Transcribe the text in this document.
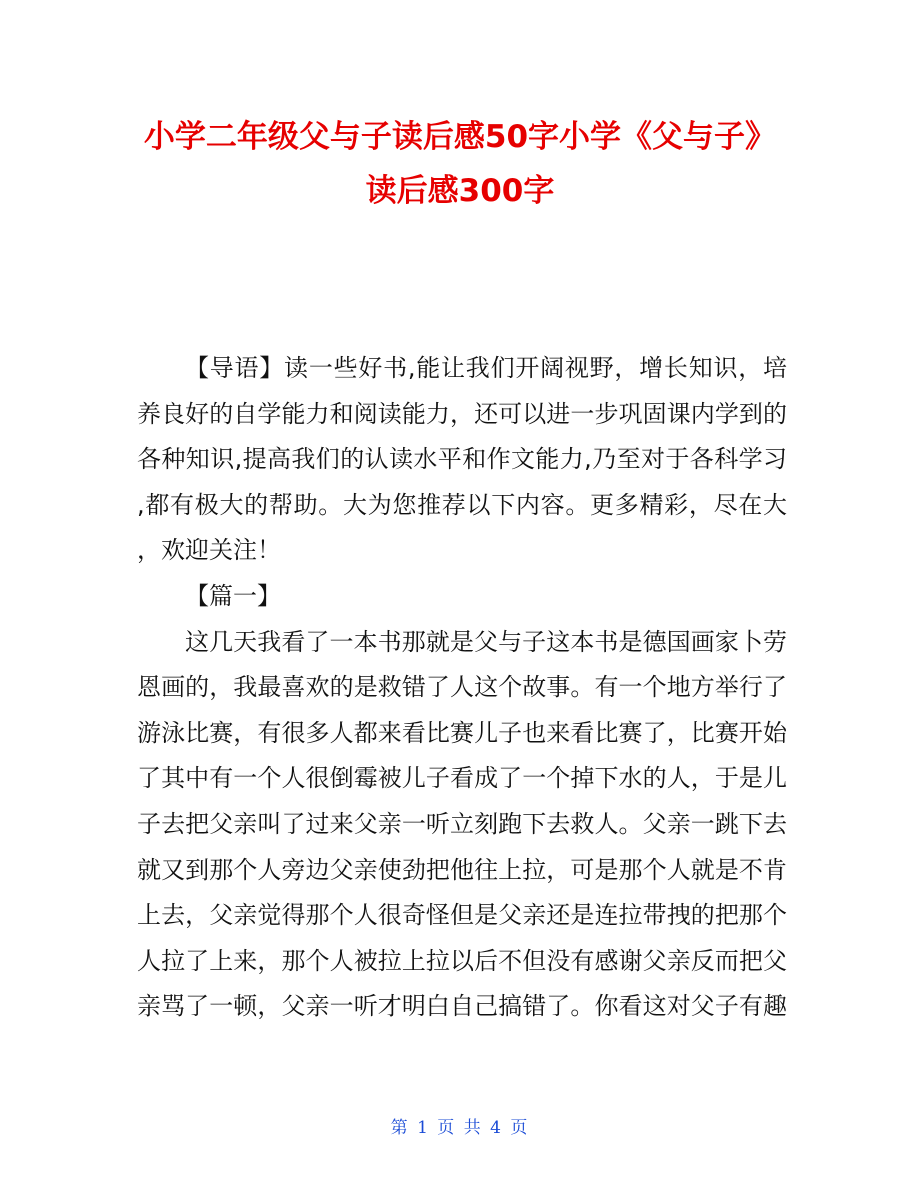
小学二年级父与子读后感50字小学《父与子》
读后感300字
【导语】读一些好书,能让我们开阔视野，增长知识，培
养良好的自学能力和阅读能力，还可以进一步巩固课内学到的
各种知识,提高我们的认读水平和作文能力,乃至对于各科学习
,都有极大的帮助。大为您推荐以下内容。更多精彩，尽在大
，欢迎关注！
【篇一】
这几天我看了一本书那就是父与子这本书是德国画家卜劳
恩画的，我最喜欢的是救错了人这个故事。有一个地方举行了
游泳比赛，有很多人都来看比赛儿子也来看比赛了，比赛开始
了其中有一个人很倒霉被儿子看成了一个掉下水的人，于是儿
子去把父亲叫了过来父亲一听立刻跑下去救人。父亲一跳下去
就又到那个人旁边父亲使劲把他往上拉，可是那个人就是不肯
上去，父亲觉得那个人很奇怪但是父亲还是连拉带拽的把那个
人拉了上来，那个人被拉上拉以后不但没有感谢父亲反而把父
亲骂了一顿，父亲一听才明白自己搞错了。你看这对父子有趣
第 1 页 共 4 页
